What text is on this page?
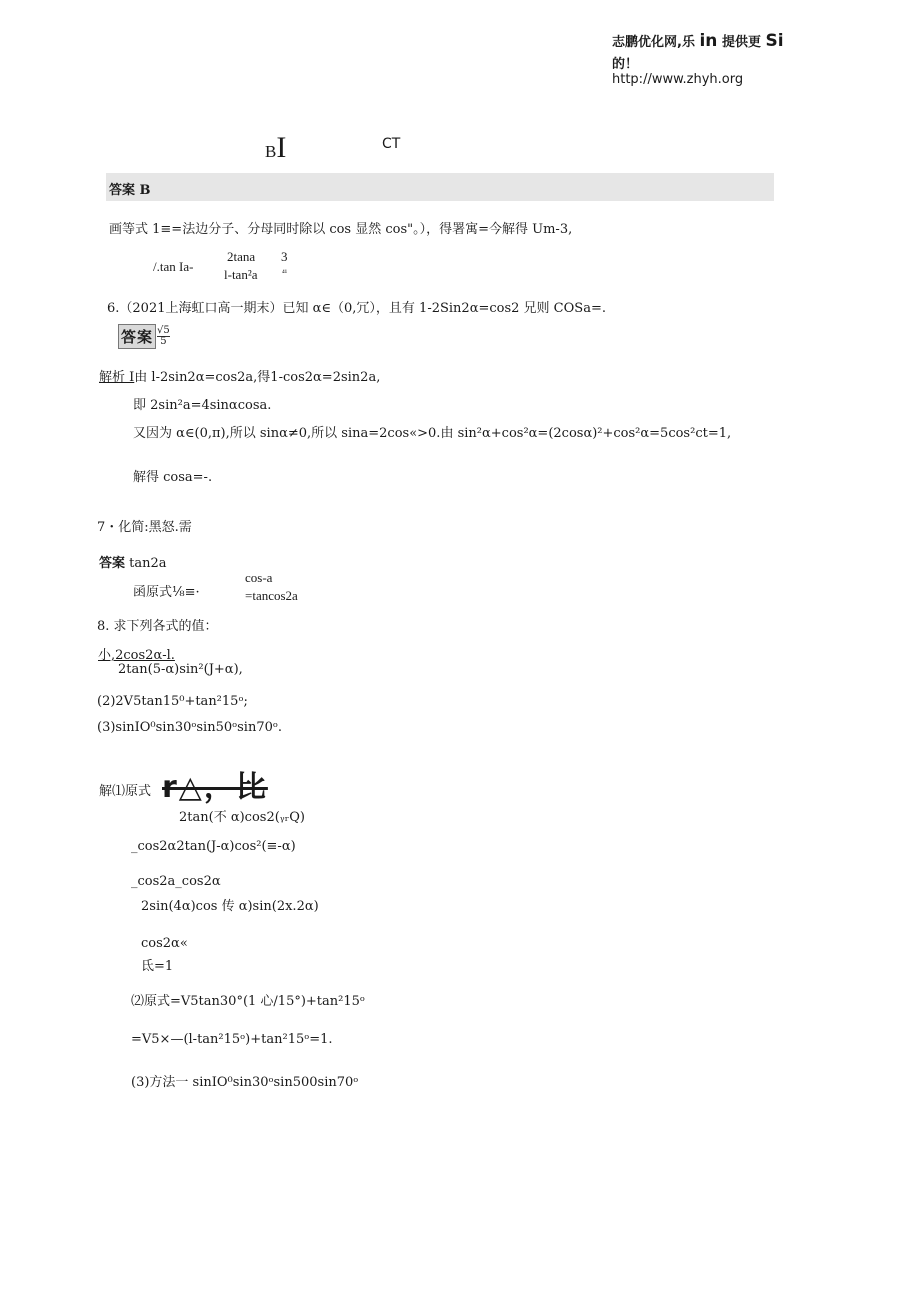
志鹏优化网,乐 in 提供更 Si
的！
http://www.zhyh.org
BI	CT
答案 B
画等式 1≡=法边分子、分母同时除以 cos 显然 cos"。），得署寓=今解得 Um-3,
/.tan Ia-
2tana
l-tan²a
3
⁴¹
6.（2021上海虹口高一期末）已知 α∈（0,冗），且有 1-2Sin2α=cos2 兄则 COSa=.
答案 $\frac{√5}{5}$
解析 I由 l-2sin2α=cos2a,得1-cos2α=2sin2a,
即 2sin²a=4sinαcosa.
又因为 α∈(0,π),所以 sinα≠0,所以 sina=2cos«>0.由 sin²α+cos²α=(2cosα)²+cos²α=5cos²ct=1,
解得 cosa=-.
7・化简:黑怒.需
答案 tan2a
函原式⅛≡·
cos-a
=tancos2a
8. 求下列各式的值：
小,2cos2α-l.
2tan(5-α)sin²(J+α),
(2)2V5tan15⁰+tan²15ᵒ;
(3)sinIO⁰sin30ᵒsin50ᵒsin70ᵒ.
解⑴原式 r△，比
2tan(不 α)cos2(ᵧᵣQ)
_cos2α2tan(J-α)cos²(≡-α)
_cos2a_cos2α
2sin(4α)cos 传 α)sin(2x.2α)
cos2α«
氐=1
⑵原式=V5tan30°(1 心/15°)+tan²15ᵒ
=V5×—(l-tan²15ᵒ)+tan²15ᵒ=1.
(3)方法一 sinIO⁰sin30ᵒsin500sin70ᵒ
